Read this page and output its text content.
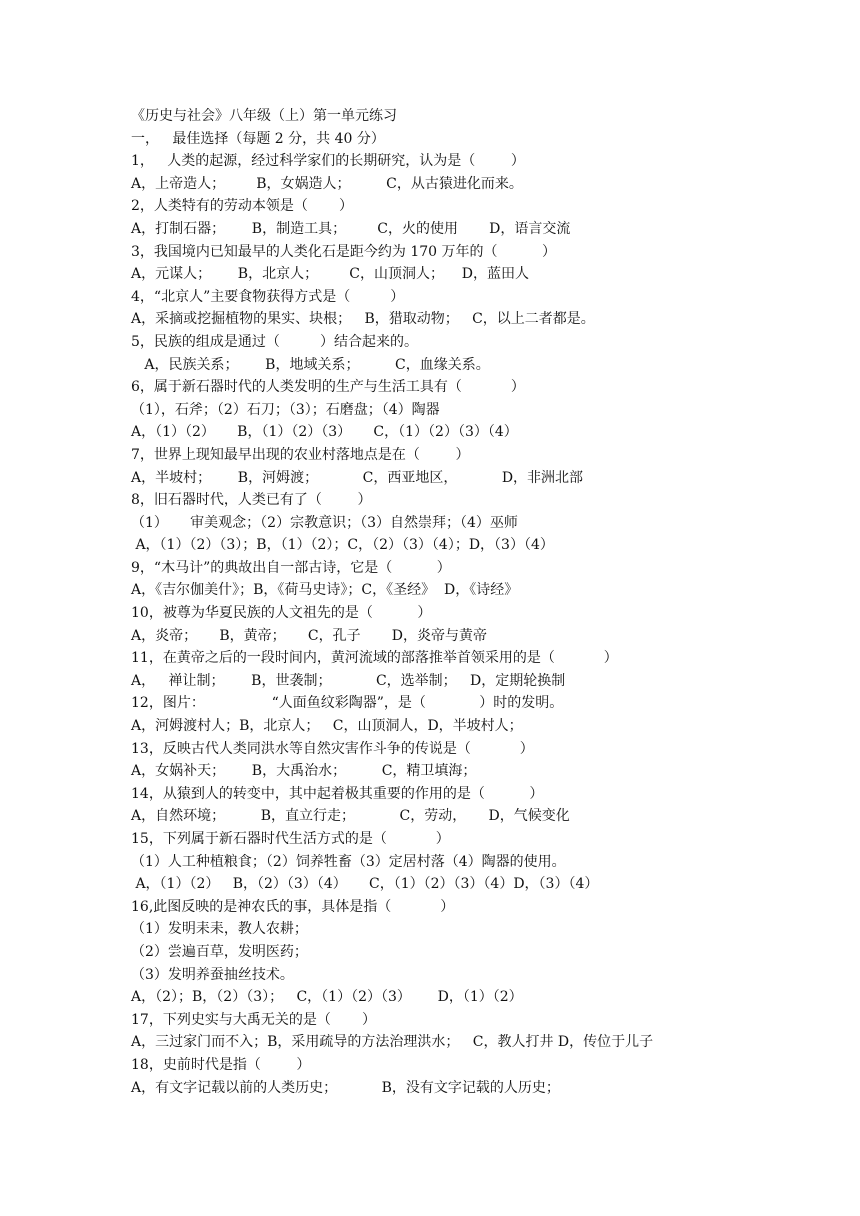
《历史与社会》八年级（上）第一单元练习
一，   最佳选择（每题 2 分，共 40 分）
1，   人类的起源，经过科学家们的长期研究，认为是（        ）
A，上帝造人；       B，女娲造人；        C，从古猿进化而来。
2，人类特有的劳动本领是（       ）
A，打制石器；      B，制造工具；       C，火的使用       D，语言交流
3，我国境内已知最早的人类化石是距今约为 170 万年的（          ）
A，元谋人；      B，北京人；       C，山顶洞人；    D，蓝田人
4，“北京人”主要食物获得方式是（         ）
A，采摘或挖掘植物的果实、块根；   B，猎取动物；   C，以上二者都是。
5，民族的组成是通过（         ）结合起来的。
A，民族关系；      B，地域关系；        C，血缘关系。
6，属于新石器时代的人类发明的生产与生活工具有（           ）
（1），石斧；（2）石刀；（3）；石磨盘；（4）陶器
A，（1）（2）     B，（1）（2）（3）     C，（1）（2）（3）（4）
7，世界上现知最早出现的农业村落地点是在（        ）
A，半坡村；      B，河姆渡；          C，西亚地区，          D，非洲北部
8，旧石器时代，人类已有了（        ）
（1）     审美观念；（2）宗教意识；（3）自然崇拜；（4）巫师
A，（1）（2）（3）；B，（1）（2）；C，（2）（3）（4）；D，（3）（4）
9，“木马计”的典故出自一部古诗，它是（          ）
A，《吉尔伽美什》；B，《荷马史诗》；C，《圣经》  D，《诗经》
10，被尊为华夏民族的人文祖先的是（          ）
A，炎帝；     B，黄帝；     C，孔子       D，炎帝与黄帝
11，在黄帝之后的一段时间内，黄河流域的部落推举首领采用的是（           ）
A，   禅让制；      B，世袭制；          C，选举制；   D，定期轮换制
12，图片：               “人面鱼纹彩陶器”，是（            ）时的发明。
A，河姆渡村人；B，北京人；   C，山顶洞人，D，半坡村人；
13，反映古代人类同洪水等自然灾害作斗争的传说是（           ）
A，女娲补天；      B，大禹治水；        C，精卫填海；
14，从猿到人的转变中，其中起着极其重要的作用的是（          ）
A，自然环境；        B，直立行走；          C，劳动，     D，气候变化
15，下列属于新石器时代生活方式的是（           ）
（1）人工种植粮食；（2）饲养牲畜（3）定居村落（4）陶器的使用。
A，（1）（2）   B，（2）（3）（4）     C，（1）（2）（3）（4）D，（3）（4）
16,此图反映的是神农氏的事，具体是指（           ）
（1）发明耒耒，教人农耕；
（2）尝遍百草，发明医药；
（3）发明养蚕抽丝技术。
A，（2）；B，（2）（3）；   C，（1）（2）（3）      D，（1）（2）
17，下列史实与大禹无关的是（       ）
A，三过家门而不入；B，采用疏导的方法治理洪水；   C，教人打井 D，传位于儿子
18，史前时代是指（        ）
A，有文字记载以前的人类历史；          B，没有文字记载的人历史；
